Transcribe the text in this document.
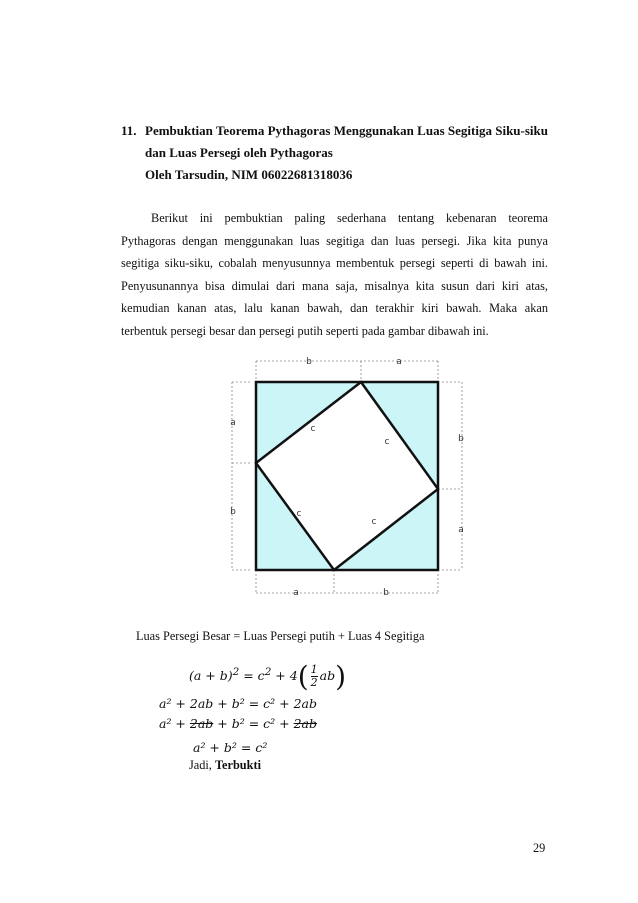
11. Pembuktian Teorema Pythagoras Menggunakan Luas Segitiga Siku-siku
dan Luas Persegi oleh Pythagoras
Oleh Tarsudin, NIM 06022681318036
Berikut ini pembuktian paling sederhana tentang kebenaran teorema
Pythagoras dengan menggunakan luas segitiga dan luas persegi. Jika kita punya
segitiga siku-siku, cobalah menyusunnya membentuk persegi seperti di bawah ini.
Penyusunannya bisa dimulai dari mana saja, misalnya kita susun dari kiri atas,
kemudian kanan atas, lalu kanan bawah, dan terakhir kiri bawah. Maka akan
terbentuk persegi besar dan persegi putih seperti pada gambar dibawah ini.
b	a
a
b
b
a
a	b
c
c
c
c
Luas Persegi Besar = Luas Persegi putih + Luas 4 Segitiga
$(a + b)^2 = c^2 + 4( \frac{1}{2} ab)$
a² + 2ab + b² = c² + 2ab
a² + 2ab + b² = c² + 2ab
a² + b² = c²
Jadi, Terbukti
29
